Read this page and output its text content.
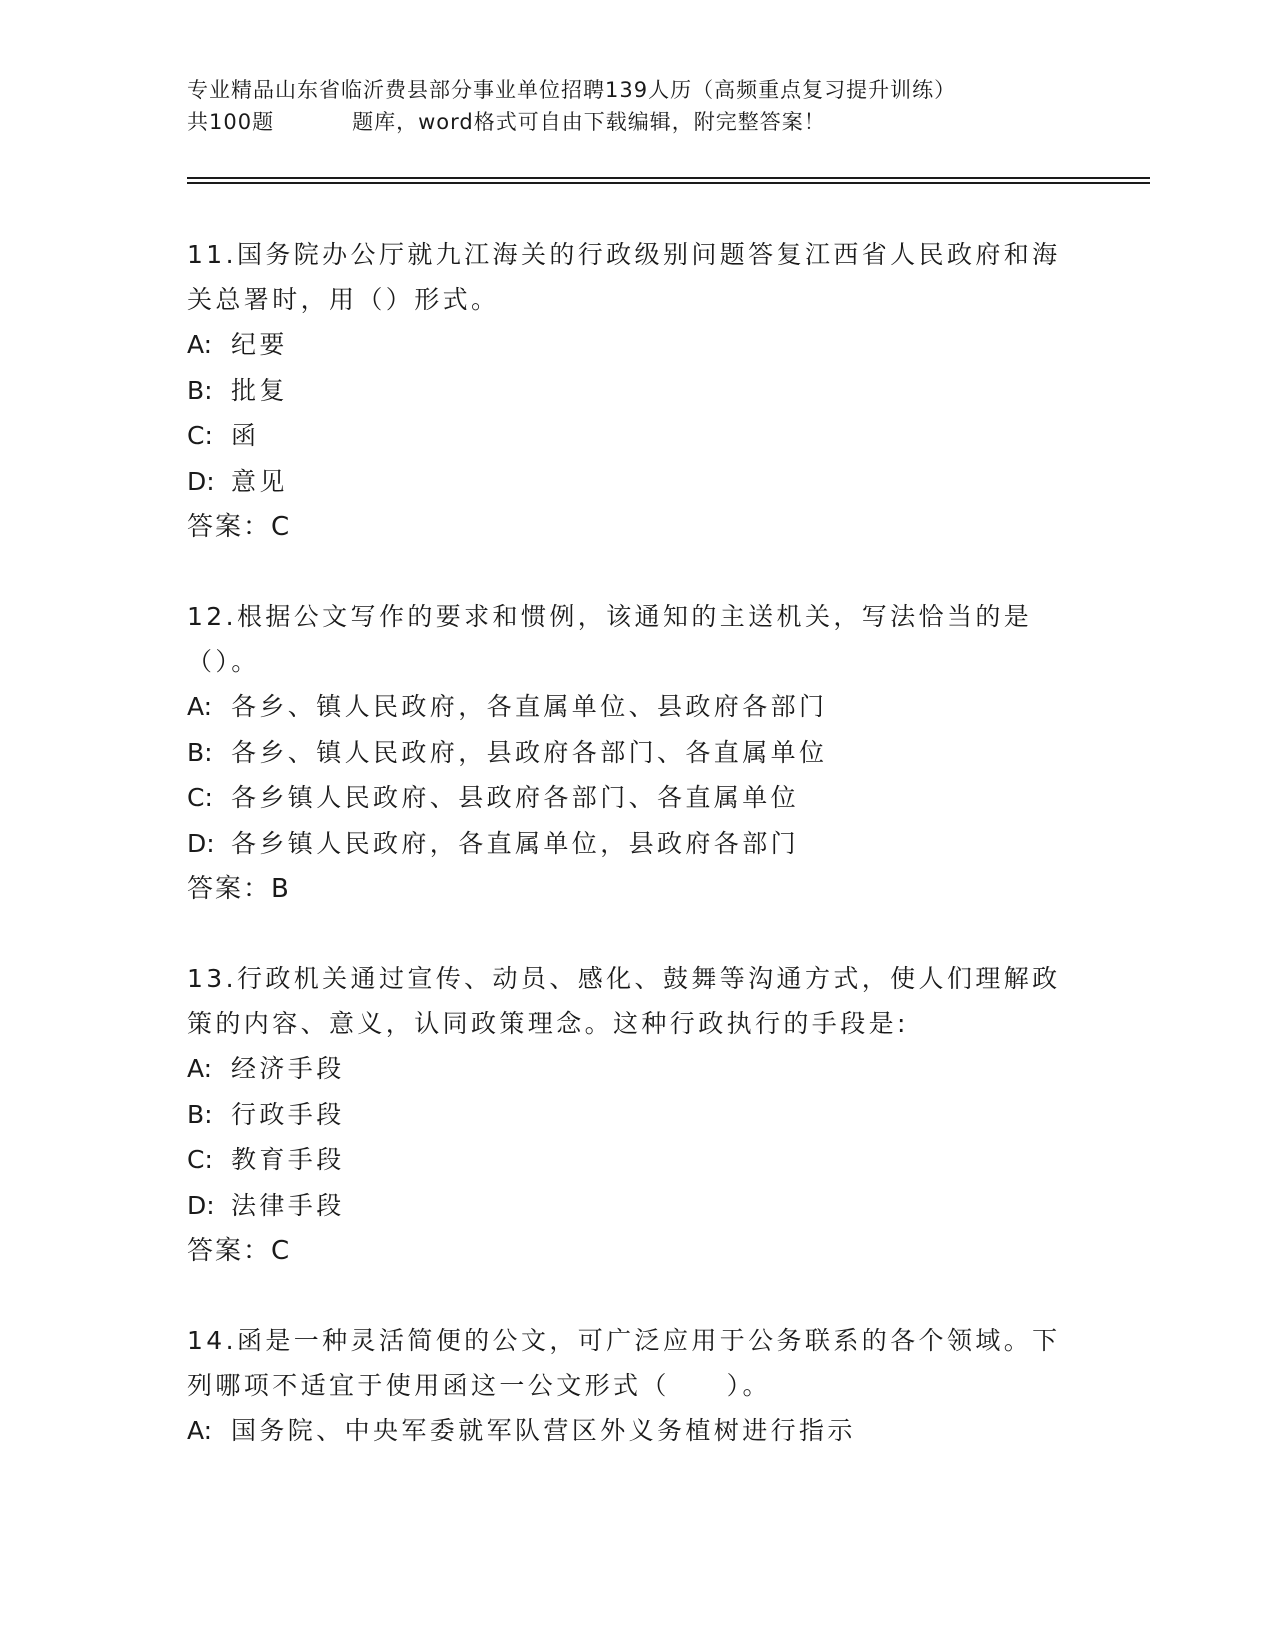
专业精品山东省临沂费县部分事业单位招聘139人历（高频重点复习提升训练）
共100题	题库，word格式可自由下载编辑，附完整答案！

11.国务院办公厅就九江海关的行政级别问题答复江西省人民政府和海关总署时，用（）形式。

A: 纪要
B: 批复
C: 函
D: 意见
答案：C

12.根据公文写作的要求和惯例，该通知的主送机关，写法恰当的是（）。

A: 各乡、镇人民政府，各直属单位、县政府各部门
B: 各乡、镇人民政府，县政府各部门、各直属单位
C: 各乡镇人民政府、县政府各部门、各直属单位
D: 各乡镇人民政府，各直属单位，县政府各部门
答案：B

13.行政机关通过宣传、动员、感化、鼓舞等沟通方式，使人们理解政策的内容、意义，认同政策理念。这种行政执行的手段是:

A: 经济手段
B: 行政手段
C: 教育手段
D: 法律手段
答案：C

14.函是一种灵活简便的公文，可广泛应用于公务联系的各个领域。下列哪项不适宜于使用函这一公文形式（　　）。

A: 国务院、中央军委就军队营区外义务植树进行指示
